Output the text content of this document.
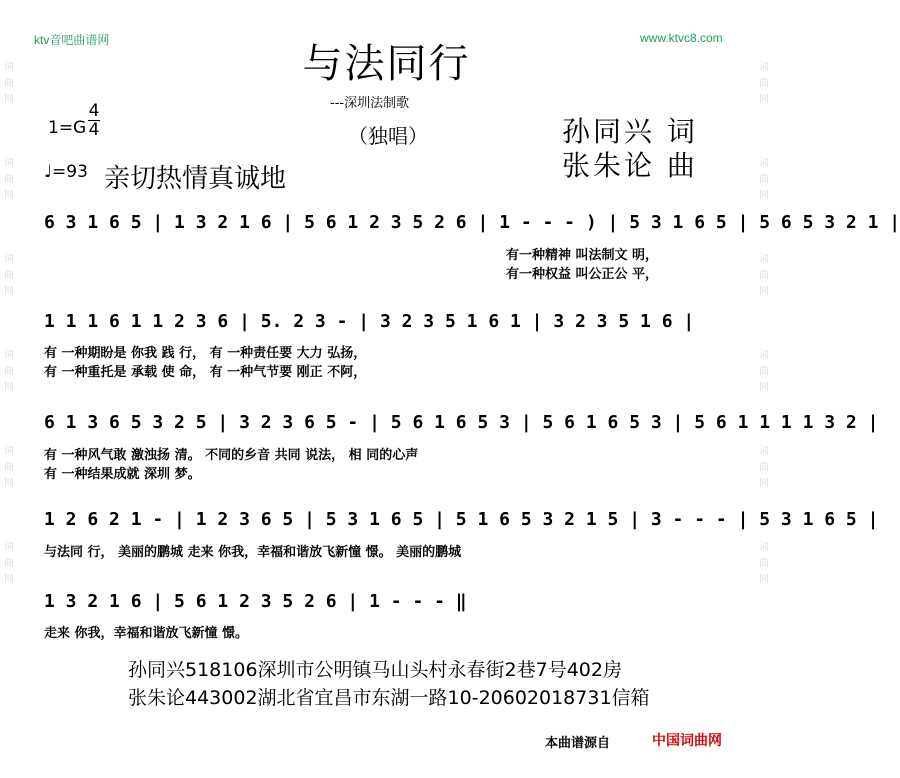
词曲网

词曲网

词曲网

词曲网

词曲网

词曲网
词曲网

词曲网

词曲网

词曲网

词曲网

词曲网
ktv音吧曲谱网	www.ktvc8.com
与法同行
---深圳法制歌
（独唱）
1=G
4
4	孙同兴 词
张朱论 曲
♩=93 亲切热情真诚地
6 3 1 6 5 | 1 3 2 1 6 | 5 6 1 2 3 5 2 6 | 1 - - - ) | 5 3 1 6 5 | 5 6 5 3 2 1 |
有一种精神 叫法制文 明，
有一种权益 叫公正公 平，
1 1 1 6 1 1 2 3 6 | 5. 2 3 - | 3 2 3 5 1 6 1 | 3 2 3 5 1 6 |
有 一种期盼是 你我 践 行， 有 一种责任要 大力 弘扬，
有 一种重托是 承载 使 命， 有 一种气节要 刚正 不阿，
6 1 3 6 5 3 2 5 | 3 2 3 6 5 - | 5 6 1 6 5 3 | 5 6 1 6 5 3 | 5 6 1 1 1 1 3 2 |
有 一种风气敢 激浊扬 清。 不同的乡音 共同 说法， 相 同的心声
有 一种结果成就 深圳 梦。
1 2 6 2 1 - | 1 2 3 6 5 | 5 3 1 6 5 | 5 1 6 5 3 2 1 5 | 3 - - - | 5 3 1 6 5 |
与法同 行， 美丽的鹏城 走来 你我，幸福和谐放飞新憧 憬。 美丽的鹏城
1 3 2 1 6 | 5 6 1 2 3 5 2 6 | 1 - - - ‖
走来 你我，幸福和谐放飞新憧 憬。
孙同兴518106深圳市公明镇马山头村永春街2巷7号402房
张朱论443002湖北省宜昌市东湖一路10-20602018731信箱
本曲谱源自	中国词曲网
